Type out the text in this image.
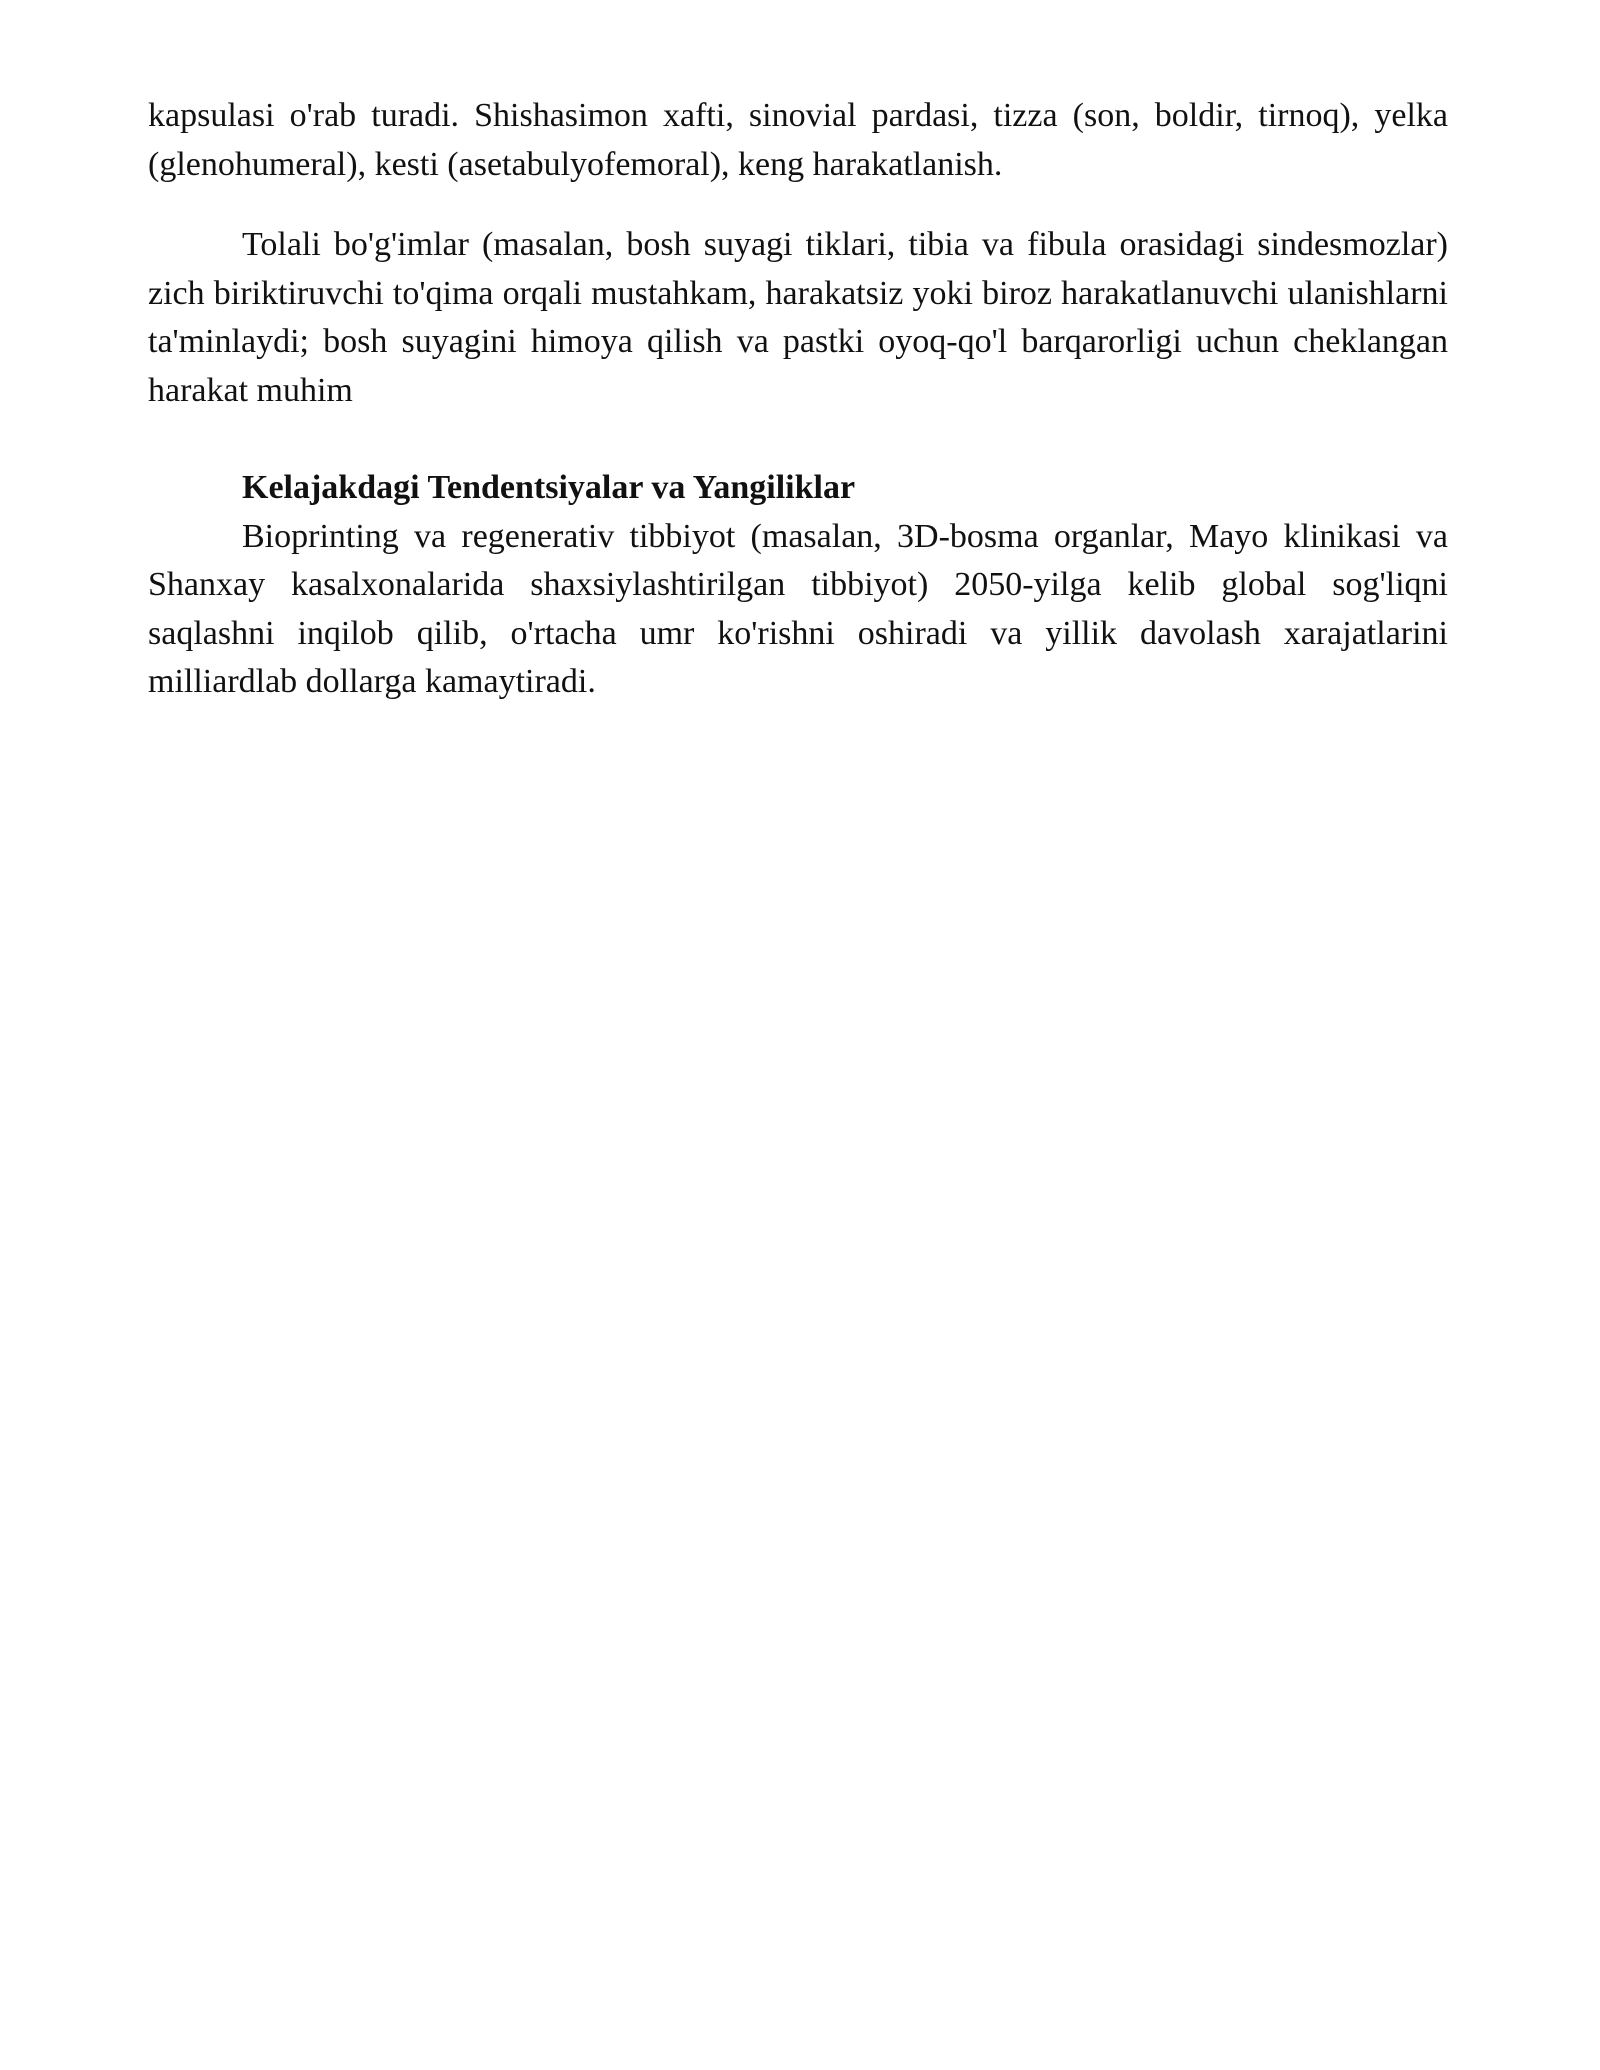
kapsulasi o'rab turadi. Shishasimon xafti, sinovial pardasi, tizza (son, boldir, tirnoq), yelka (glenohumeral), kesti (asetabulyofemoral), keng harakatlanish.

Tolali bo'g'imlar (masalan, bosh suyagi tiklari, tibia va fibula orasidagi sindesmozlar) zich biriktiruvchi to'qima orqali mustahkam, harakatsiz yoki biroz harakatlanuvchi ulanishlarni ta'minlaydi; bosh suyagini himoya qilish va pastki oyoq-qo'l barqarorligi uchun cheklangan harakat muhim

Kelajakdagi Tendentsiyalar va Yangiliklar

Bioprinting va regenerativ tibbiyot (masalan, 3D-bosma organlar, Mayo klinikasi va Shanxay kasalxonalarida shaxsiylashtirilgan tibbiyot) 2050-yilga kelib global sog'liqni saqlashni inqilob qilib, o'rtacha umr ko'rishni oshiradi va yillik davolash xarajatlarini milliardlab dollarga kamaytiradi.
